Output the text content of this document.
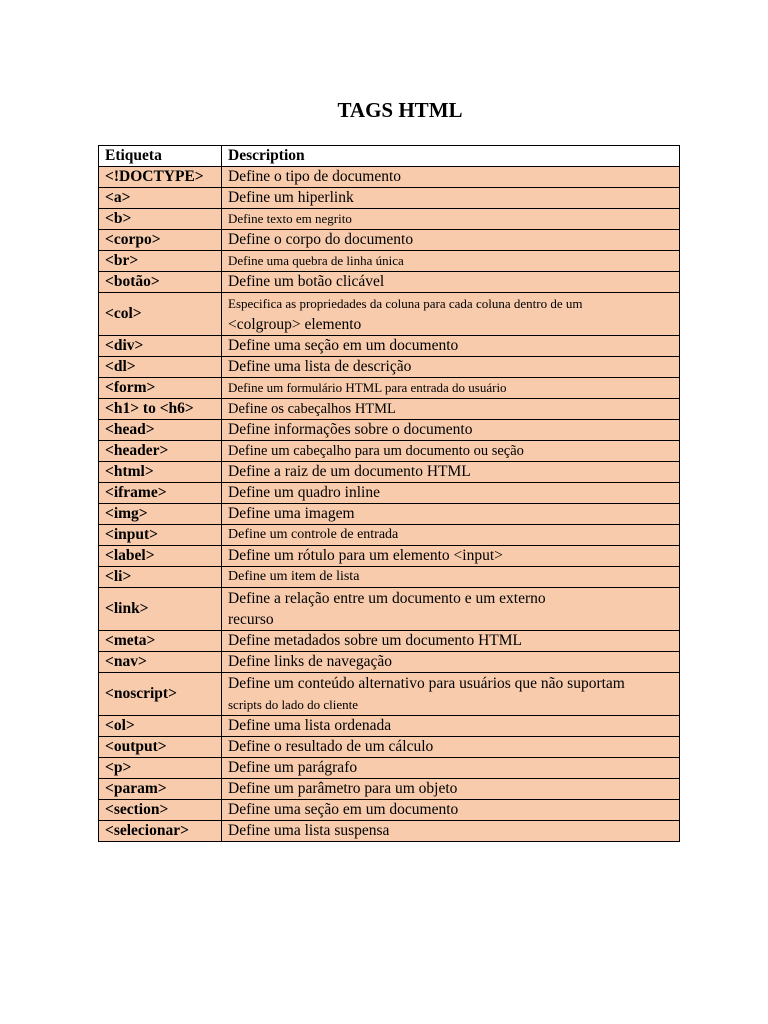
TAGS HTML
Etiqueta	Description
<!DOCTYPE>	Define o tipo de documento
<a>	Define um hiperlink
<b>	Define texto em negrito
<corpo>	Define o corpo do documento
<br>	Define uma quebra de linha única
<botão>	Define um botão clicável
<col>	Especifica as propriedades da coluna para cada coluna dentro de um
<colgroup> elemento

<div>	Define uma seção em um documento
<dl>	Define uma lista de descrição
<form>	Define um formulário HTML para entrada do usuário
<h1> to <h6>	Define os cabeçalhos HTML
<head>	Define informações sobre o documento
<header>	Define um cabeçalho para um documento ou seção
<html>	Define a raiz de um documento HTML
<iframe>	Define um quadro inline
<img>	Define uma imagem
<input>	Define um controle de entrada
<label>	Define um rótulo para um elemento <input>
<li>	Define um item de lista
<link>	Define a relação entre um documento e um externo
recurso

<meta>	Define metadados sobre um documento HTML
<nav>	Define links de navegação
<noscript>	Define um conteúdo alternativo para usuários que não suportam
scripts do lado do cliente

<ol>	Define uma lista ordenada
<output>	Define o resultado de um cálculo
<p>	Define um parágrafo
<param>	Define um parâmetro para um objeto
<section>	Define uma seção em um documento
<selecionar>	Define uma lista suspensa
